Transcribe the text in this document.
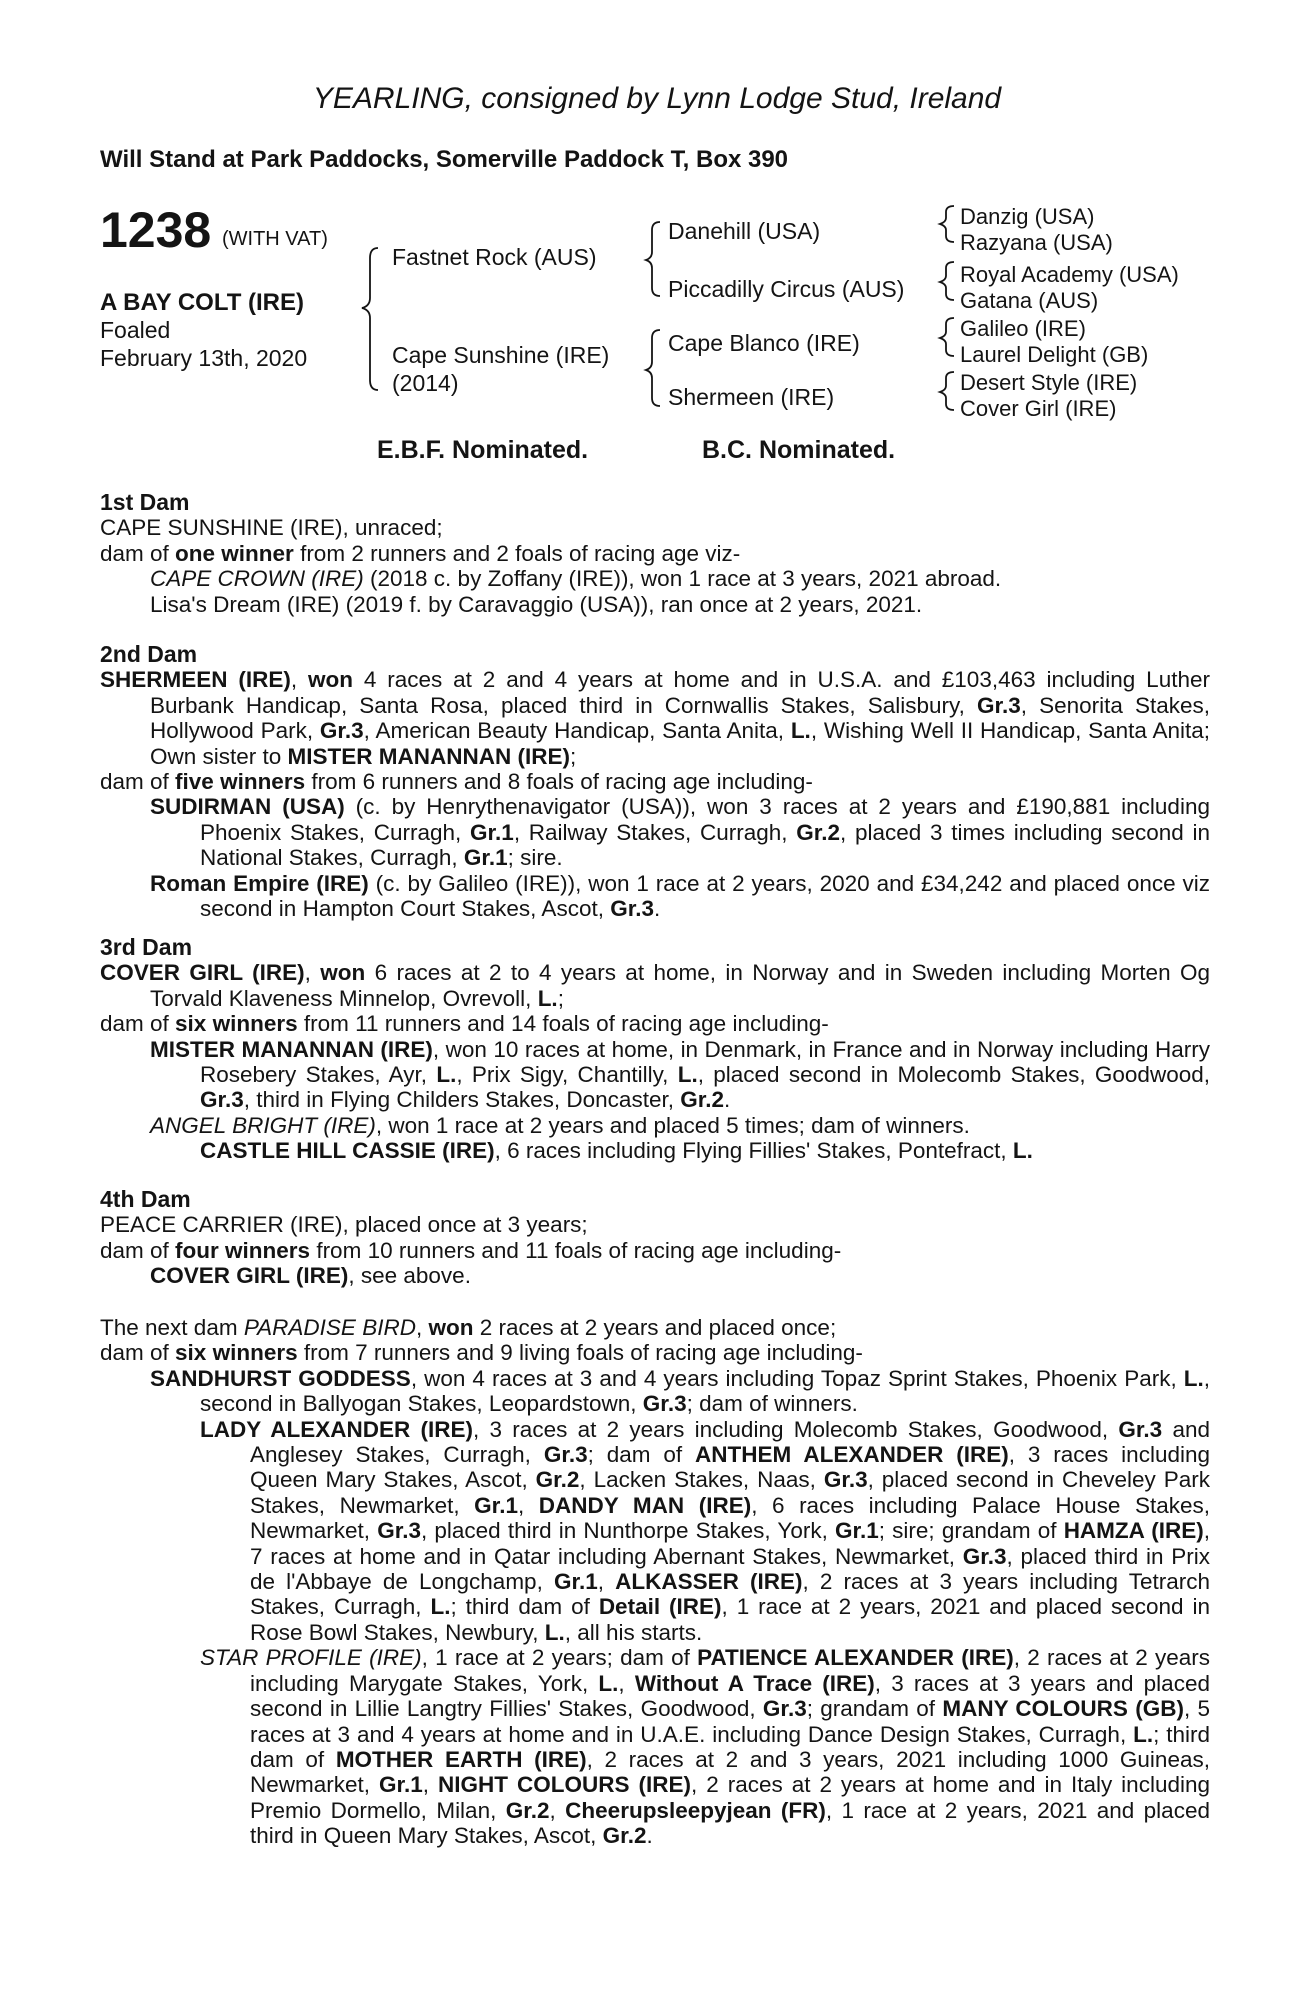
YEARLING, consigned by Lynn Lodge Stud, Ireland
Will Stand at Park Paddocks, Somerville Paddock T, Box 390
1238 (WITH VAT)
A BAY COLT (IRE)
Foaled
February 13th, 2020
Fastnet Rock (AUS)
Cape Sunshine (IRE)
(2014)
Danehill (USA)
Piccadilly Circus (AUS)
Cape Blanco (IRE)
Shermeen (IRE)
Danzig (USA)
Razyana (USA)
Royal Academy (USA)
Gatana (AUS)
Galileo (IRE)
Laurel Delight (GB)
Desert Style (IRE)
Cover Girl (IRE)
E.B.F. Nominated.	B.C. Nominated.

1st Dam

CAPE SUNSHINE (IRE), unraced;

dam of one winner from 2 runners and 2 foals of racing age viz-

CAPE CROWN (IRE) (2018 c. by Zoffany (IRE)), won 1 race at 3 years, 2021 abroad.

Lisa's Dream (IRE) (2019 f. by Caravaggio (USA)), ran once at 2 years, 2021.

2nd Dam

SHERMEEN (IRE), won 4 races at 2 and 4 years at home and in U.S.A. and £103,463 including Luther Burbank Handicap, Santa Rosa, placed third in Cornwallis Stakes, Salisbury, Gr.3, Senorita Stakes, Hollywood Park, Gr.3, American Beauty Handicap, Santa Anita, L., Wishing Well II Handicap, Santa Anita; Own sister to MISTER MANANNAN (IRE);

dam of five winners from 6 runners and 8 foals of racing age including-

SUDIRMAN (USA) (c. by Henrythenavigator (USA)), won 3 races at 2 years and £190,881 including Phoenix Stakes, Curragh, Gr.1, Railway Stakes, Curragh, Gr.2, placed 3 times including second in National Stakes, Curragh, Gr.1; sire.

Roman Empire (IRE) (c. by Galileo (IRE)), won 1 race at 2 years, 2020 and £34,242 and placed once viz second in Hampton Court Stakes, Ascot, Gr.3.

3rd Dam

COVER GIRL (IRE), won 6 races at 2 to 4 years at home, in Norway and in Sweden including Morten Og Torvald Klaveness Minnelop, Ovrevoll, L.;

dam of six winners from 11 runners and 14 foals of racing age including-

MISTER MANANNAN (IRE), won 10 races at home, in Denmark, in France and in Norway including Harry Rosebery Stakes, Ayr, L., Prix Sigy, Chantilly, L., placed second in Molecomb Stakes, Goodwood, Gr.3, third in Flying Childers Stakes, Doncaster, Gr.2.

ANGEL BRIGHT (IRE), won 1 race at 2 years and placed 5 times; dam of winners.

CASTLE HILL CASSIE (IRE), 6 races including Flying Fillies' Stakes, Pontefract, L.

4th Dam

PEACE CARRIER (IRE), placed once at 3 years;

dam of four winners from 10 runners and 11 foals of racing age including-

COVER GIRL (IRE), see above.

The next dam PARADISE BIRD, won 2 races at 2 years and placed once;

dam of six winners from 7 runners and 9 living foals of racing age including-

SANDHURST GODDESS, won 4 races at 3 and 4 years including Topaz Sprint Stakes, Phoenix Park, L., second in Ballyogan Stakes, Leopardstown, Gr.3; dam of winners.

LADY ALEXANDER (IRE), 3 races at 2 years including Molecomb Stakes, Goodwood, Gr.3 and Anglesey Stakes, Curragh, Gr.3; dam of ANTHEM ALEXANDER (IRE), 3 races including Queen Mary Stakes, Ascot, Gr.2, Lacken Stakes, Naas, Gr.3, placed second in Cheveley Park Stakes, Newmarket, Gr.1, DANDY MAN (IRE), 6 races including Palace House Stakes, Newmarket, Gr.3, placed third in Nunthorpe Stakes, York, Gr.1; sire; grandam of HAMZA (IRE), 7 races at home and in Qatar including Abernant Stakes, Newmarket, Gr.3, placed third in Prix de l'Abbaye de Longchamp, Gr.1, ALKASSER (IRE), 2 races at 3 years including Tetrarch Stakes, Curragh, L.; third dam of Detail (IRE), 1 race at 2 years, 2021 and placed second in Rose Bowl Stakes, Newbury, L., all his starts.

STAR PROFILE (IRE), 1 race at 2 years; dam of PATIENCE ALEXANDER (IRE), 2 races at 2 years including Marygate Stakes, York, L., Without A Trace (IRE), 3 races at 3 years and placed second in Lillie Langtry Fillies' Stakes, Goodwood, Gr.3; grandam of MANY COLOURS (GB), 5 races at 3 and 4 years at home and in U.A.E. including Dance Design Stakes, Curragh, L.; third dam of MOTHER EARTH (IRE), 2 races at 2 and 3 years, 2021 including 1000 Guineas, Newmarket, Gr.1, NIGHT COLOURS (IRE), 2 races at 2 years at home and in Italy including Premio Dormello, Milan, Gr.2, Cheerupsleepyjean (FR), 1 race at 2 years, 2021 and placed third in Queen Mary Stakes, Ascot, Gr.2.
